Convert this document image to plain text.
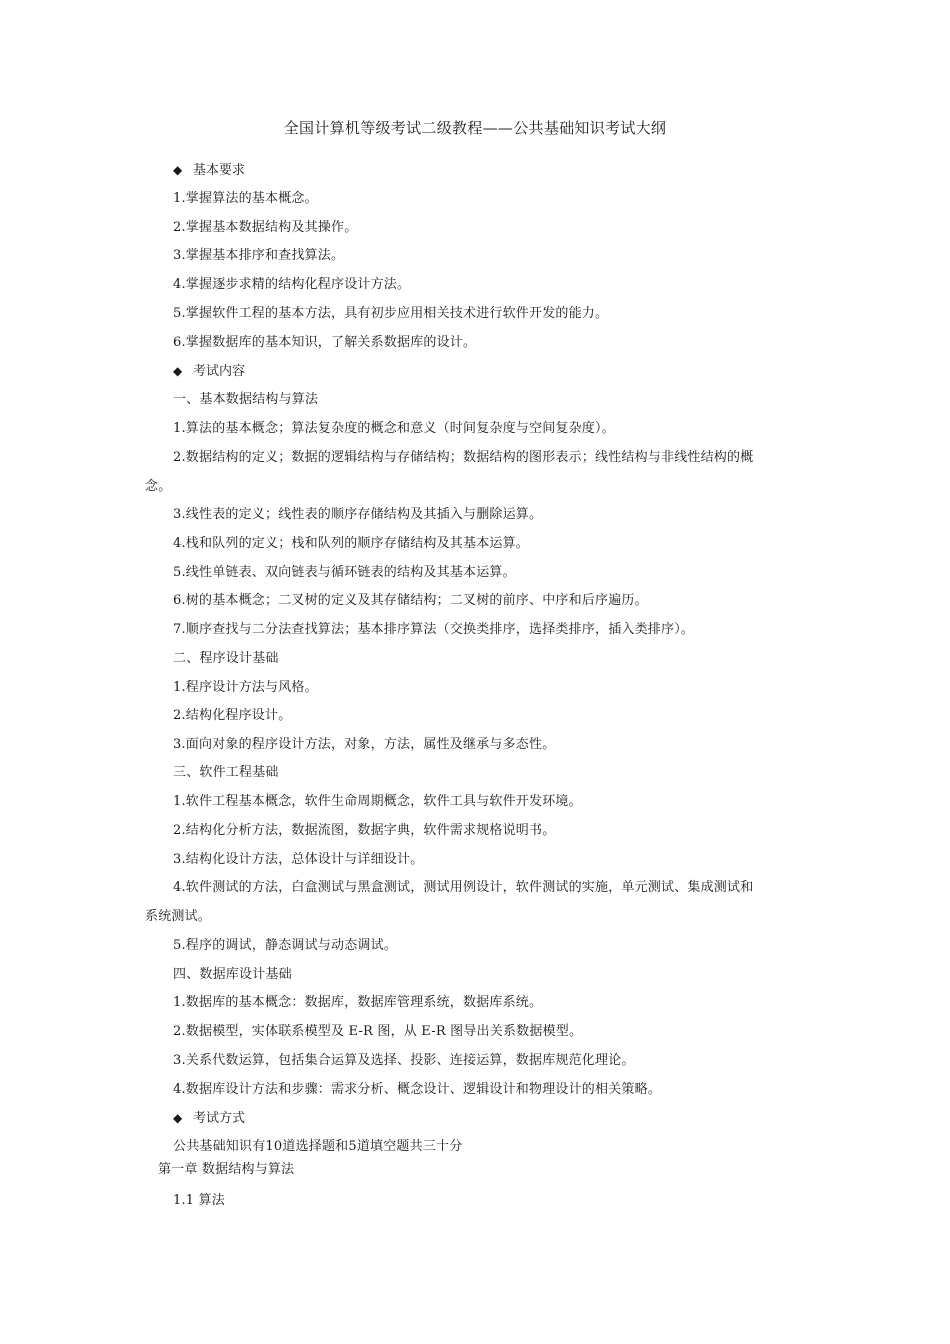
全国计算机等级考试二级教程——公共基础知识考试大纲
◆ 基本要求
1.掌握算法的基本概念。
2.掌握基本数据结构及其操作。
3.掌握基本排序和查找算法。
4.掌握逐步求精的结构化程序设计方法。
5.掌握软件工程的基本方法，具有初步应用相关技术进行软件开发的能力。
6.掌握数据库的基本知识，了解关系数据库的设计。
◆ 考试内容
一、基本数据结构与算法
1.算法的基本概念；算法复杂度的概念和意义（时间复杂度与空间复杂度）。
2.数据结构的定义；数据的逻辑结构与存储结构；数据结构的图形表示；线性结构与非线性结构的概
念。
3.线性表的定义；线性表的顺序存储结构及其插入与删除运算。
4.栈和队列的定义；栈和队列的顺序存储结构及其基本运算。
5.线性单链表、双向链表与循环链表的结构及其基本运算。
6.树的基本概念；二叉树的定义及其存储结构；二叉树的前序、中序和后序遍历。
7.顺序查找与二分法查找算法；基本排序算法（交换类排序，选择类排序，插入类排序）。
二、程序设计基础
1.程序设计方法与风格。
2.结构化程序设计。
3.面向对象的程序设计方法，对象，方法，属性及继承与多态性。
三、软件工程基础
1.软件工程基本概念，软件生命周期概念，软件工具与软件开发环境。
2.结构化分析方法，数据流图，数据字典，软件需求规格说明书。
3.结构化设计方法，总体设计与详细设计。
4.软件测试的方法，白盒测试与黑盒测试，测试用例设计，软件测试的实施，单元测试、集成测试和
系统测试。
5.程序的调试，静态调试与动态调试。
四、数据库设计基础
1.数据库的基本概念：数据库，数据库管理系统，数据库系统。
2.数据模型，实体联系模型及 E-R 图，从 E-R 图导出关系数据模型。
3.关系代数运算，包括集合运算及选择、投影、连接运算，数据库规范化理论。
4.数据库设计方法和步骤：需求分析、概念设计、逻辑设计和物理设计的相关策略。
◆ 考试方式
公共基础知识有10道选择题和5道填空题共三十分
第一章 数据结构与算法
1.1 算法
